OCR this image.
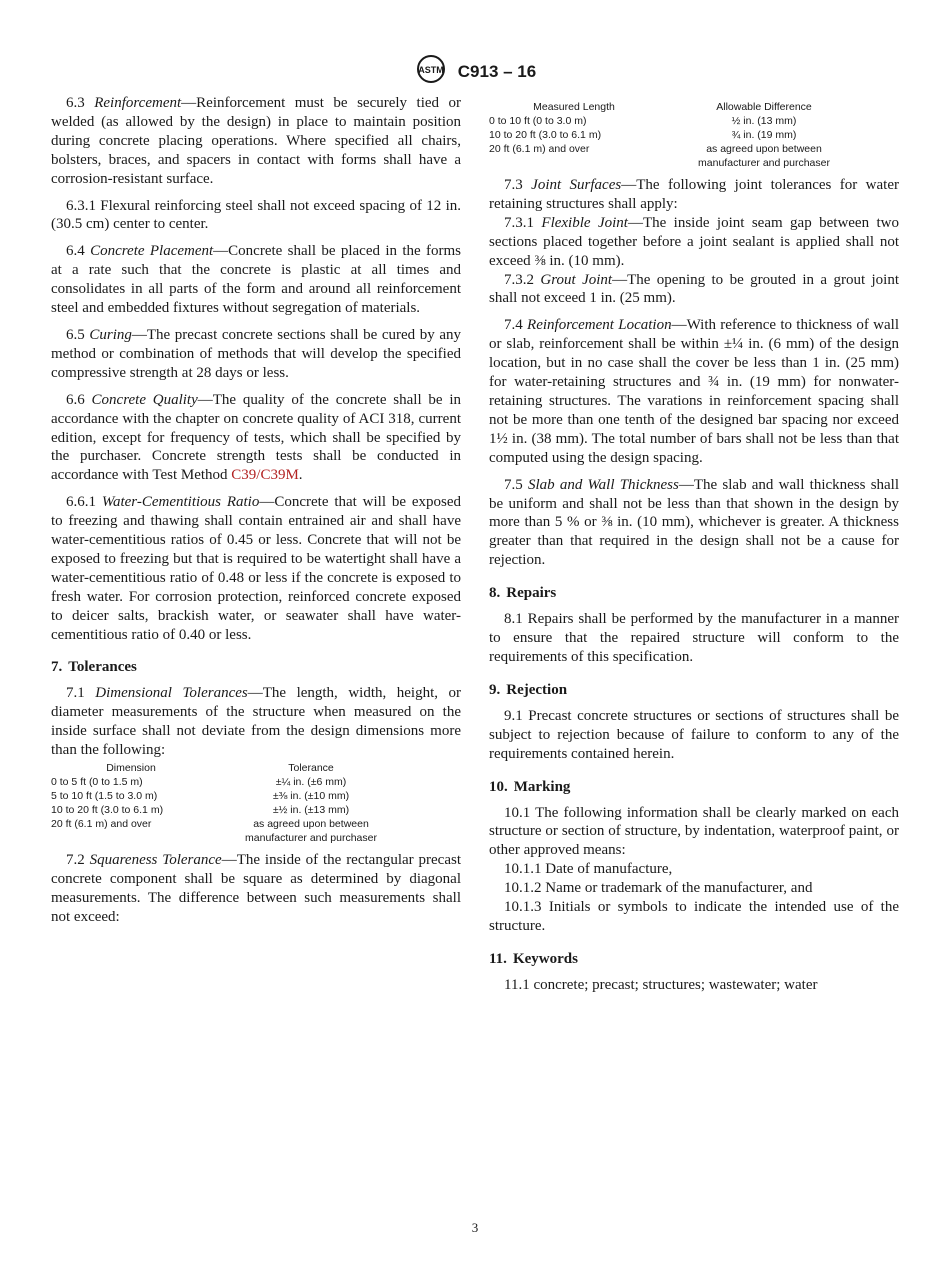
ASTM C913 – 16

6.3 Reinforcement—Reinforcement must be securely tied or welded (as allowed by the design) in place to maintain position during concrete placing operations. Where specified all chairs, bolsters, braces, and spacers in contact with forms shall have a corrosion-resistant surface.

6.3.1 Flexural reinforcing steel shall not exceed spacing of 12 in. (30.5 cm) center to center.

6.4 Concrete Placement—Concrete shall be placed in the forms at a rate such that the concrete is plastic at all times and consolidates in all parts of the form and around all reinforcement steel and embedded fixtures without segregation of materials.

6.5 Curing—The precast concrete sections shall be cured by any method or combination of methods that will develop the specified compressive strength at 28 days or less.

6.6 Concrete Quality—The quality of the concrete shall be in accordance with the chapter on concrete quality of ACI 318, current edition, except for frequency of tests, which shall be specified by the purchaser. Concrete strength tests shall be conducted in accordance with Test Method C39/C39M.

6.6.1 Water-Cementitious Ratio—Concrete that will be exposed to freezing and thawing shall contain entrained air and shall have water-cementitious ratios of 0.45 or less. Concrete that will not be exposed to freezing but that is required to be watertight shall have a water-cementitious ratio of 0.48 or less if the concrete is exposed to fresh water. For corrosion protection, reinforced concrete exposed to deicer salts, brackish water, or seawater shall have water-cementitious ratio of 0.40 or less.

7. Tolerances

7.1 Dimensional Tolerances—The length, width, height, or diameter measurements of the structure when measured on the inside surface shall not deviate from the design dimensions more than the following:

Dimension	Tolerance
0 to 5 ft (0 to 1.5 m)	±¼ in. (±6 mm)
5 to 10 ft (1.5 to 3.0 m)	±⅜ in. (±10 mm)
10 to 20 ft (3.0 to 6.1 m)	±½ in. (±13 mm)
20 ft (6.1 m) and over	as agreed upon between
	manufacturer and purchaser

7.2 Squareness Tolerance—The inside of the rectangular precast concrete component shall be square as determined by diagonal measurements. The difference between such measurements shall not exceed:

Measured Length	Allowable Difference
0 to 10 ft (0 to 3.0 m)	½ in. (13 mm)
10 to 20 ft (3.0 to 6.1 m)	¾ in. (19 mm)
20 ft (6.1 m) and over	as agreed upon between
	manufacturer and purchaser

7.3 Joint Surfaces—The following joint tolerances for water retaining structures shall apply:

7.3.1 Flexible Joint—The inside joint seam gap between two sections placed together before a joint sealant is applied shall not exceed ⅜ in. (10 mm).

7.3.2 Grout Joint—The opening to be grouted in a grout joint shall not exceed 1 in. (25 mm).

7.4 Reinforcement Location—With reference to thickness of wall or slab, reinforcement shall be within ±¼ in. (6 mm) of the design location, but in no case shall the cover be less than 1 in. (25 mm) for water-retaining structures and ¾ in. (19 mm) for nonwater-retaining structures. The varations in reinforcement spacing shall not be more than one tenth of the designed bar spacing nor exceed 1½ in. (38 mm). The total number of bars shall not be less than that computed using the design spacing.

7.5 Slab and Wall Thickness—The slab and wall thickness shall be uniform and shall not be less than that shown in the design by more than 5 % or ⅜ in. (10 mm), whichever is greater. A thickness greater than that required in the design shall not be a cause for rejection.

8. Repairs

8.1 Repairs shall be performed by the manufacturer in a manner to ensure that the repaired structure will conform to the requirements of this specification.

9. Rejection

9.1 Precast concrete structures or sections of structures shall be subject to rejection because of failure to conform to any of the requirements contained herein.

10. Marking

10.1 The following information shall be clearly marked on each structure or section of structure, by indentation, waterproof paint, or other approved means:

10.1.1 Date of manufacture,

10.1.2 Name or trademark of the manufacturer, and

10.1.3 Initials or symbols to indicate the intended use of the structure.

11. Keywords

11.1 concrete; precast; structures; wastewater; water

3
